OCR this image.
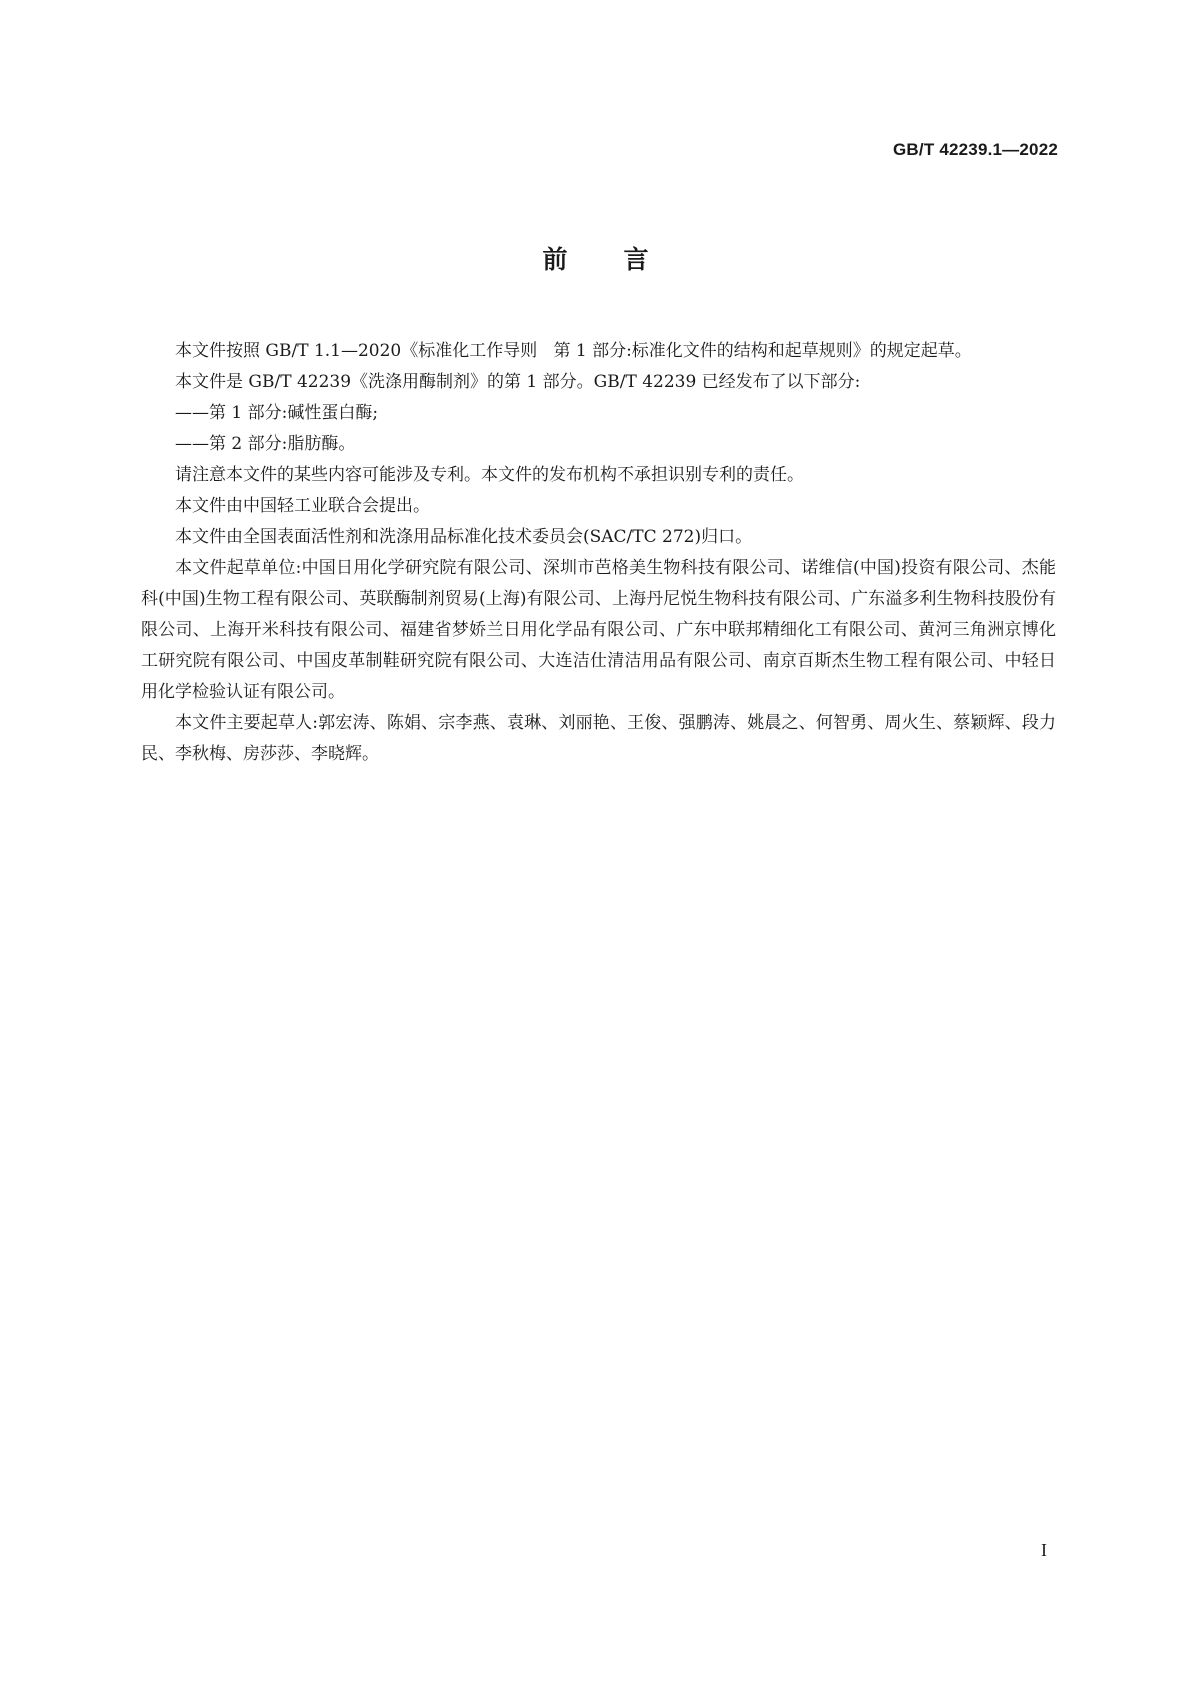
GB/T 42239.1—2022
前 言

本文件按照 GB/T 1.1—2020《标准化工作导则   第 1 部分:标准化文件的结构和起草规则》的规定起草。

本文件是 GB/T 42239《洗涤用酶制剂》的第 1 部分。GB/T 42239 已经发布了以下部分:

——第 1 部分:碱性蛋白酶;

——第 2 部分:脂肪酶。

请注意本文件的某些内容可能涉及专利。本文件的发布机构不承担识别专利的责任。

本文件由中国轻工业联合会提出。

本文件由全国表面活性剂和洗涤用品标准化技术委员会(SAC/TC 272)归口。

本文件起草单位:中国日用化学研究院有限公司、深圳市芭格美生物科技有限公司、诺维信(中国)投资有限公司、杰能科(中国)生物工程有限公司、英联酶制剂贸易(上海)有限公司、上海丹尼悦生物科技有限公司、广东溢多利生物科技股份有限公司、上海开米科技有限公司、福建省梦娇兰日用化学品有限公司、广东中联邦精细化工有限公司、黄河三角洲京博化工研究院有限公司、中国皮革制鞋研究院有限公司、大连洁仕清洁用品有限公司、南京百斯杰生物工程有限公司、中轻日用化学检验认证有限公司。

本文件主要起草人:郭宏涛、陈娟、宗李燕、袁琳、刘丽艳、王俊、强鹏涛、姚晨之、何智勇、周火生、蔡颖辉、段力民、李秋梅、房莎莎、李晓辉。

I
